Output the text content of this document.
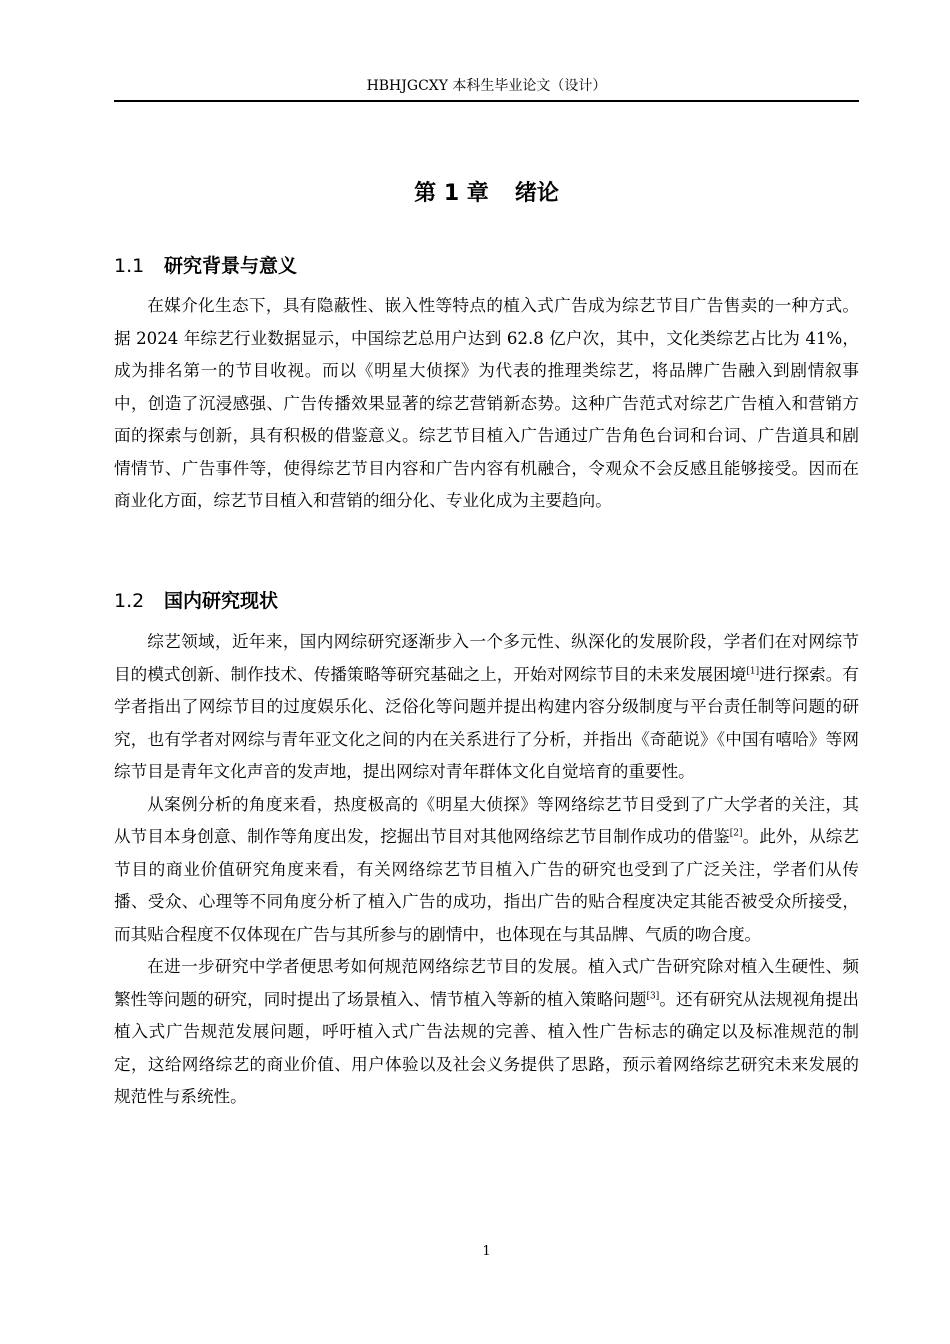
HBHJGCXY 本科生毕业论文（设计）
第 1 章 绪论
1.1 研究背景与意义

在媒介化生态下，具有隐蔽性、嵌入性等特点的植入式广告成为综艺节目广告售卖的一种方式。据 2024 年综艺行业数据显示，中国综艺总用户达到 62.8 亿户次，其中，文化类综艺占比为 41%，成为排名第一的节目收视。而以《明星大侦探》为代表的推理类综艺，将品牌广告融入到剧情叙事中，创造了沉浸感强、广告传播效果显著的综艺营销新态势。这种广告范式对综艺广告植入和营销方面的探索与创新，具有积极的借鉴意义。综艺节目植入广告通过广告角色台词和台词、广告道具和剧情情节、广告事件等，使得综艺节目内容和广告内容有机融合，令观众不会反感且能够接受。因而在商业化方面，综艺节目植入和营销的细分化、专业化成为主要趋向。

1.2 国内研究现状

综艺领域，近年来，国内网综研究逐渐步入一个多元性、纵深化的发展阶段，学者们在对网综节目的模式创新、制作技术、传播策略等研究基础之上，开始对网综节目的未来发展困境[1]进行探索。有学者指出了网综节目的过度娱乐化、泛俗化等问题并提出构建内容分级制度与平台责任制等问题的研究，也有学者对网综与青年亚文化之间的内在关系进行了分析，并指出《奇葩说》《中国有嘻哈》等网综节目是青年文化声音的发声地，提出网综对青年群体文化自觉培育的重要性。

从案例分析的角度来看，热度极高的《明星大侦探》等网络综艺节目受到了广大学者的关注，其从节目本身创意、制作等角度出发，挖掘出节目对其他网络综艺节目制作成功的借鉴[2]。此外，从综艺节目的商业价值研究角度来看，有关网络综艺节目植入广告的研究也受到了广泛关注，学者们从传播、受众、心理等不同角度分析了植入广告的成功，指出广告的贴合程度决定其能否被受众所接受，而其贴合程度不仅体现在广告与其所参与的剧情中，也体现在与其品牌、气质的吻合度。

在进一步研究中学者便思考如何规范网络综艺节目的发展。植入式广告研究除对植入生硬性、频繁性等问题的研究，同时提出了场景植入、情节植入等新的植入策略问题[3]。还有研究从法规视角提出植入式广告规范发展问题，呼吁植入式广告法规的完善、植入性广告标志的确定以及标准规范的制定，这给网络综艺的商业价值、用户体验以及社会义务提供了思路，预示着网络综艺研究未来发展的规范性与系统性。

1
